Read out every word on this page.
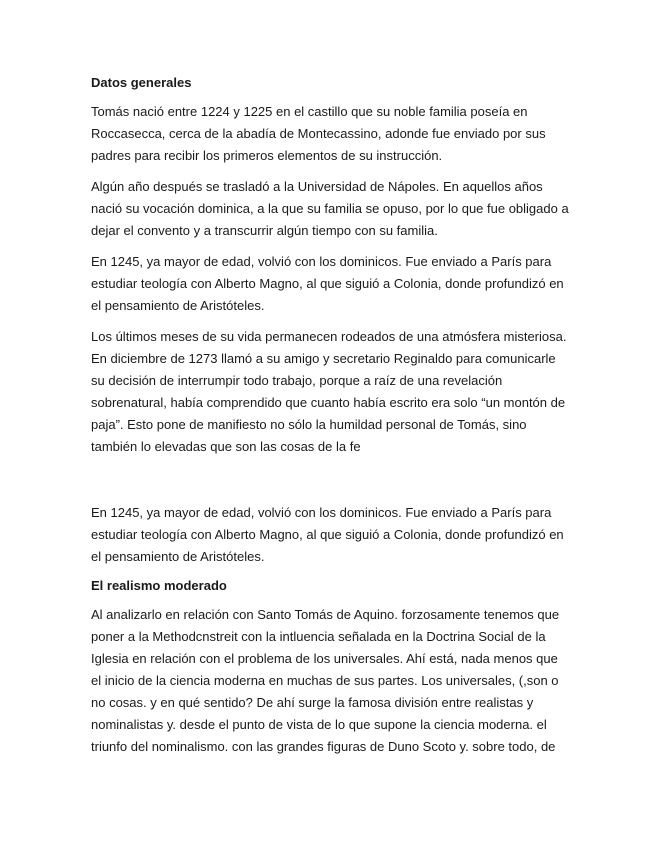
Datos generales
Tomás nació entre 1224 y 1225 en el castillo que su noble familia poseía en
Roccasecca, cerca de la abadía de Montecassino, adonde fue enviado por sus
padres para recibir los primeros elementos de su instrucción.
Algún año después se trasladó a la Universidad de Nápoles. En aquellos años
nació su vocación dominica, a la que su familia se opuso, por lo que fue obligado a
dejar el convento y a transcurrir algún tiempo con su familia.
En 1245, ya mayor de edad, volvió con los dominicos. Fue enviado a París para
estudiar teología con Alberto Magno, al que siguió a Colonia, donde profundizó en
el pensamiento de Aristóteles.
Los últimos meses de su vida permanecen rodeados de una atmósfera misteriosa.
En diciembre de 1273 llamó a su amigo y secretario Reginaldo para comunicarle
su decisión de interrumpir todo trabajo, porque a raíz de una revelación
sobrenatural, había comprendido que cuanto había escrito era solo “un montón de
paja”. Esto pone de manifiesto no sólo la humildad personal de Tomás, sino
también lo elevadas que son las cosas de la fe
En 1245, ya mayor de edad, volvió con los dominicos. Fue enviado a París para
estudiar teología con Alberto Magno, al que siguió a Colonia, donde profundizó en
el pensamiento de Aristóteles.
El realismo moderado
Al analizarlo en relación con Santo Tomás de Aquino. forzosamente tenemos que
poner a la Methodcnstreit con la intluencia señalada en la Doctrina Social de la
Iglesia en relación con el problema de los universales. Ahí está, nada menos que
el inicio de la ciencia moderna en muchas de sus partes. Los universales, (,son o
no cosas. y en qué sentido? De ahí surge la famosa división entre realistas y
nominalistas y. desde el punto de vista de lo que supone la ciencia moderna. el
triunfo del nominalismo. con las grandes figuras de Duno Scoto y. sobre todo, de
